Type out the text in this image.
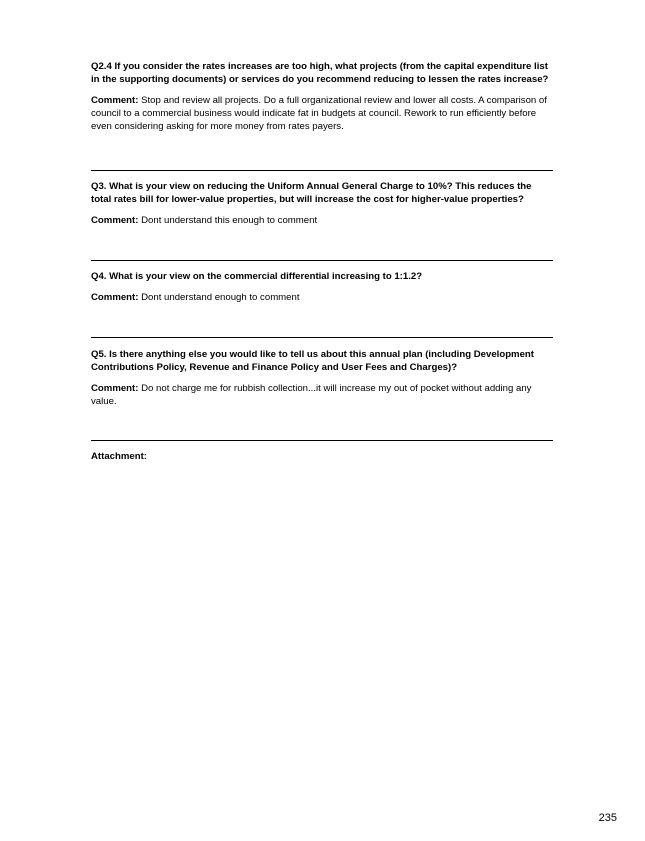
Q2.4 If you consider the rates increases are too high, what projects (from the capital expenditure list in the supporting documents) or services do you recommend reducing to lessen the rates increase?

Comment: Stop and review all projects. Do a full organizational review and lower all costs. A comparison of council to a commercial business would indicate fat in budgets at council. Rework to run efficiently before even considering asking for more money from rates payers.

Q3. What is your view on reducing the Uniform Annual General Charge to 10%? This reduces the total rates bill for lower-value properties, but will increase the cost for higher-value properties?

Comment: Dont understand this enough to comment

Q4. What is your view on the commercial differential increasing to 1:1.2?

Comment: Dont understand enough to comment

Q5. Is there anything else you would like to tell us about this annual plan (including Development Contributions Policy, Revenue and Finance Policy and User Fees and Charges)?

Comment: Do not charge me for rubbish collection...it will increase my out of pocket without adding any value.

Attachment:

235
